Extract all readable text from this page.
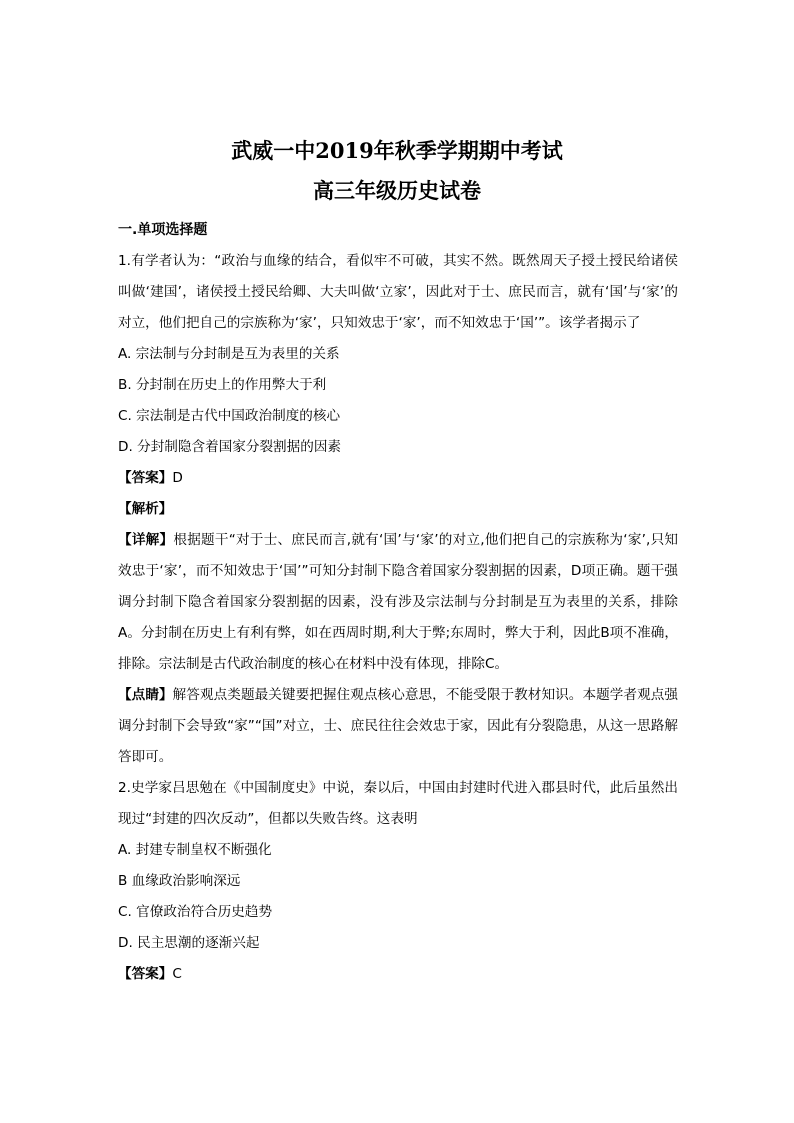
武威一中2019年秋季学期期中考试
高三年级历史试卷

一.单项选择题

1.有学者认为：“政治与血缘的结合，看似牢不可破，其实不然。既然周天子授土授民给诸侯叫做‘建国’，诸侯授土授民给卿、大夫叫做‘立家’，因此对于士、庶民而言，就有‘国’与‘家’的对立，他们把自己的宗族称为‘家’，只知效忠于‘家’，而不知效忠于‘国’”。该学者揭示了

A. 宗法制与分封制是互为表里的关系

B. 分封制在历史上的作用弊大于利

C. 宗法制是古代中国政治制度的核心

D. 分封制隐含着国家分裂割据的因素

【答案】D

【解析】

【详解】根据题干“对于士、庶民而言,就有‘国’与‘家’的对立,他们把自己的宗族称为‘家’,只知效忠于‘家’，而不知效忠于‘国’”可知分封制下隐含着国家分裂割据的因素，D项正确。题干强调分封制下隐含着国家分裂割据的因素，没有涉及宗法制与分封制是互为表里的关系，排除A。分封制在历史上有利有弊，如在西周时期,利大于弊;东周时，弊大于利，因此B项不准确，排除。宗法制是古代政治制度的核心在材料中没有体现，排除C。

【点睛】解答观点类题最关键要把握住观点核心意思，不能受限于教材知识。本题学者观点强调分封制下会导致“家”“国”对立，士、庶民往往会效忠于家，因此有分裂隐患，从这一思路解答即可。

2.史学家吕思勉在《中国制度史》中说，秦以后，中国由封建时代进入郡县时代，此后虽然出现过“封建的四次反动”，但都以失败告终。这表明

A. 封建专制皇权不断强化

B 血缘政治影响深远

C. 官僚政治符合历史趋势

D. 民主思潮的逐渐兴起

【答案】C
